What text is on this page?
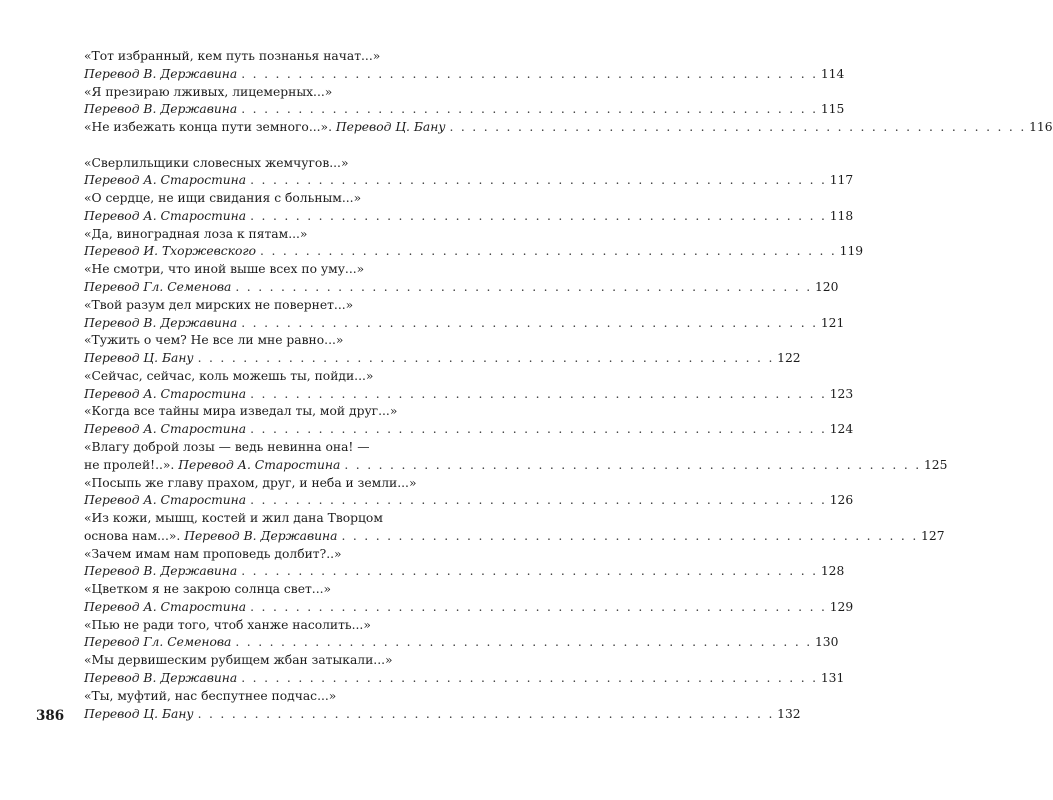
«Тот избранный, кем путь познанья начат...»
Перевод В. Державина . . . . . . . . . . . . . . . . . . . . . . . . . . . . . . . . . . . . . . . . . . . . . . . . . . . 114
«Я презираю лживых, лицемерных...»
Перевод В. Державина . . . . . . . . . . . . . . . . . . . . . . . . . . . . . . . . . . . . . . . . . . . . . . . . . . . 115
«Не избежать конца пути земного...». Перевод Ц. Бану . . . . . . . . . . . . . . . . . . . . . . . . . . . . . . . . . . . . . . . . . . . . . . . . . . . 116
«Сверлильщики словесных жемчугов...»
Перевод А. Старостина . . . . . . . . . . . . . . . . . . . . . . . . . . . . . . . . . . . . . . . . . . . . . . . . . . . 117
«О сердце, не ищи свидания с больным...»
Перевод А. Старостина . . . . . . . . . . . . . . . . . . . . . . . . . . . . . . . . . . . . . . . . . . . . . . . . . . . 118
«Да, виноградная лоза к пятам...»
Перевод И. Тхоржевского . . . . . . . . . . . . . . . . . . . . . . . . . . . . . . . . . . . . . . . . . . . . . . . . . . . 119
«Не смотри, что иной выше всех по уму...»
Перевод Гл. Семенова . . . . . . . . . . . . . . . . . . . . . . . . . . . . . . . . . . . . . . . . . . . . . . . . . . . 120
«Твой разум дел мирских не повернет...»
Перевод В. Державина . . . . . . . . . . . . . . . . . . . . . . . . . . . . . . . . . . . . . . . . . . . . . . . . . . . 121
«Тужить о чем? Не все ли мне равно...»
Перевод Ц. Бану . . . . . . . . . . . . . . . . . . . . . . . . . . . . . . . . . . . . . . . . . . . . . . . . . . . 122
«Сейчас, сейчас, коль можешь ты, пойди...»
Перевод А. Старостина . . . . . . . . . . . . . . . . . . . . . . . . . . . . . . . . . . . . . . . . . . . . . . . . . . . 123
«Когда все тайны мира изведал ты, мой друг...»
Перевод А. Старостина . . . . . . . . . . . . . . . . . . . . . . . . . . . . . . . . . . . . . . . . . . . . . . . . . . . 124
«Влагу доброй лозы — ведь невинна она! —
не пролей!..». Перевод А. Старостина . . . . . . . . . . . . . . . . . . . . . . . . . . . . . . . . . . . . . . . . . . . . . . . . . . . 125
«Посыпь же главу прахом, друг, и неба и земли...»
Перевод А. Старостина . . . . . . . . . . . . . . . . . . . . . . . . . . . . . . . . . . . . . . . . . . . . . . . . . . . 126
«Из кожи, мышц, костей и жил дана Творцом
основа нам...». Перевод В. Державина . . . . . . . . . . . . . . . . . . . . . . . . . . . . . . . . . . . . . . . . . . . . . . . . . . . 127
«Зачем имам нам проповедь долбит?..»
Перевод В. Державина . . . . . . . . . . . . . . . . . . . . . . . . . . . . . . . . . . . . . . . . . . . . . . . . . . . 128
«Цветком я не закрою солнца свет...»
Перевод А. Старостина . . . . . . . . . . . . . . . . . . . . . . . . . . . . . . . . . . . . . . . . . . . . . . . . . . . 129
«Пью не ради того, чтоб ханже насолить...»
Перевод Гл. Семенова . . . . . . . . . . . . . . . . . . . . . . . . . . . . . . . . . . . . . . . . . . . . . . . . . . . 130
«Мы дервишеским рубищем жбан затыкали...»
Перевод В. Державина . . . . . . . . . . . . . . . . . . . . . . . . . . . . . . . . . . . . . . . . . . . . . . . . . . . 131
«Ты, муфтий, нас беспутнее подчас...»
Перевод Ц. Бану . . . . . . . . . . . . . . . . . . . . . . . . . . . . . . . . . . . . . . . . . . . . . . . . . . . 132
386
